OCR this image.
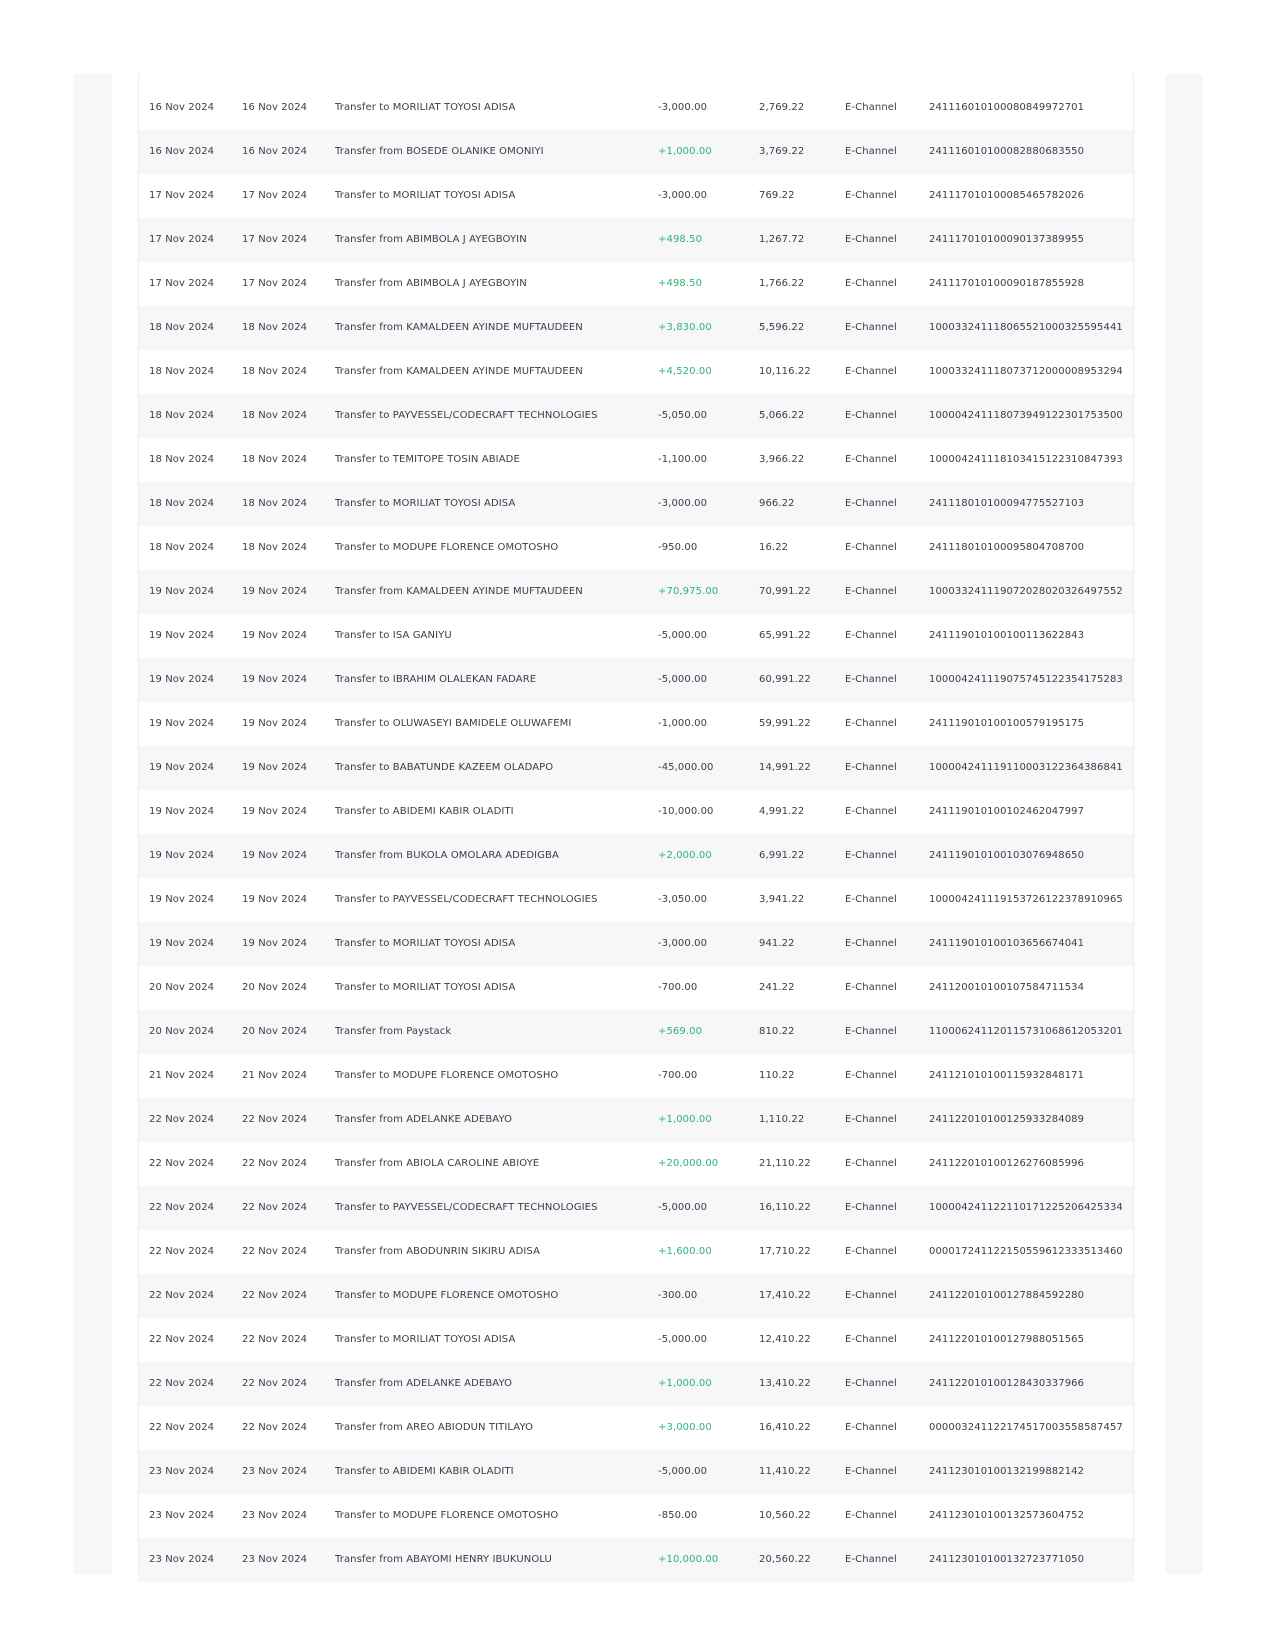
16 Nov 2024	16 Nov 2024	Transfer to MORILIAT TOYOSI ADISA	-3,000.00	2,769.22	E-Channel	241116010100080849972701
16 Nov 2024	16 Nov 2024	Transfer from BOSEDE OLANIKE OMONIYI	+1,000.00	3,769.22	E-Channel	241116010100082880683550
17 Nov 2024	17 Nov 2024	Transfer to MORILIAT TOYOSI ADISA	-3,000.00	769.22	E-Channel	241117010100085465782026
17 Nov 2024	17 Nov 2024	Transfer from ABIMBOLA J AYEGBOYIN	+498.50	1,267.72	E-Channel	241117010100090137389955
17 Nov 2024	17 Nov 2024	Transfer from ABIMBOLA J AYEGBOYIN	+498.50	1,766.22	E-Channel	241117010100090187855928
18 Nov 2024	18 Nov 2024	Transfer from KAMALDEEN AYINDE MUFTAUDEEN	+3,830.00	5,596.22	E-Channel	100033241118065521000325595441
18 Nov 2024	18 Nov 2024	Transfer from KAMALDEEN AYINDE MUFTAUDEEN	+4,520.00	10,116.22	E-Channel	100033241118073712000008953294
18 Nov 2024	18 Nov 2024	Transfer to PAYVESSEL/CODECRAFT TECHNOLOGIES	-5,050.00	5,066.22	E-Channel	100004241118073949122301753500
18 Nov 2024	18 Nov 2024	Transfer to TEMITOPE TOSIN ABIADE	-1,100.00	3,966.22	E-Channel	100004241118103415122310847393
18 Nov 2024	18 Nov 2024	Transfer to MORILIAT TOYOSI ADISA	-3,000.00	966.22	E-Channel	241118010100094775527103
18 Nov 2024	18 Nov 2024	Transfer to MODUPE FLORENCE OMOTOSHO	-950.00	16.22	E-Channel	241118010100095804708700
19 Nov 2024	19 Nov 2024	Transfer from KAMALDEEN AYINDE MUFTAUDEEN	+70,975.00	70,991.22	E-Channel	100033241119072028020326497552
19 Nov 2024	19 Nov 2024	Transfer to ISA GANIYU	-5,000.00	65,991.22	E-Channel	241119010100100113622843
19 Nov 2024	19 Nov 2024	Transfer to IBRAHIM OLALEKAN FADARE	-5,000.00	60,991.22	E-Channel	100004241119075745122354175283
19 Nov 2024	19 Nov 2024	Transfer to OLUWASEYI BAMIDELE OLUWAFEMI	-1,000.00	59,991.22	E-Channel	241119010100100579195175
19 Nov 2024	19 Nov 2024	Transfer to BABATUNDE KAZEEM OLADAPO	-45,000.00	14,991.22	E-Channel	100004241119110003122364386841
19 Nov 2024	19 Nov 2024	Transfer to ABIDEMI KABIR OLADITI	-10,000.00	4,991.22	E-Channel	241119010100102462047997
19 Nov 2024	19 Nov 2024	Transfer from BUKOLA OMOLARA ADEDIGBA	+2,000.00	6,991.22	E-Channel	241119010100103076948650
19 Nov 2024	19 Nov 2024	Transfer to PAYVESSEL/CODECRAFT TECHNOLOGIES	-3,050.00	3,941.22	E-Channel	100004241119153726122378910965
19 Nov 2024	19 Nov 2024	Transfer to MORILIAT TOYOSI ADISA	-3,000.00	941.22	E-Channel	241119010100103656674041
20 Nov 2024	20 Nov 2024	Transfer to MORILIAT TOYOSI ADISA	-700.00	241.22	E-Channel	241120010100107584711534
20 Nov 2024	20 Nov 2024	Transfer from Paystack	+569.00	810.22	E-Channel	110006241120115731068612053201
21 Nov 2024	21 Nov 2024	Transfer to MODUPE FLORENCE OMOTOSHO	-700.00	110.22	E-Channel	241121010100115932848171
22 Nov 2024	22 Nov 2024	Transfer from ADELANKE ADEBAYO	+1,000.00	1,110.22	E-Channel	241122010100125933284089
22 Nov 2024	22 Nov 2024	Transfer from ABIOLA CAROLINE ABIOYE	+20,000.00	21,110.22	E-Channel	241122010100126276085996
22 Nov 2024	22 Nov 2024	Transfer to PAYVESSEL/CODECRAFT TECHNOLOGIES	-5,000.00	16,110.22	E-Channel	100004241122110171225206425334
22 Nov 2024	22 Nov 2024	Transfer from ABODUNRIN SIKIRU ADISA	+1,600.00	17,710.22	E-Channel	000017241122150559612333513460
22 Nov 2024	22 Nov 2024	Transfer to MODUPE FLORENCE OMOTOSHO	-300.00	17,410.22	E-Channel	241122010100127884592280
22 Nov 2024	22 Nov 2024	Transfer to MORILIAT TOYOSI ADISA	-5,000.00	12,410.22	E-Channel	241122010100127988051565
22 Nov 2024	22 Nov 2024	Transfer from ADELANKE ADEBAYO	+1,000.00	13,410.22	E-Channel	241122010100128430337966
22 Nov 2024	22 Nov 2024	Transfer from AREO ABIODUN TITILAYO	+3,000.00	16,410.22	E-Channel	000003241122174517003558587457
23 Nov 2024	23 Nov 2024	Transfer to ABIDEMI KABIR OLADITI	-5,000.00	11,410.22	E-Channel	241123010100132199882142
23 Nov 2024	23 Nov 2024	Transfer to MODUPE FLORENCE OMOTOSHO	-850.00	10,560.22	E-Channel	241123010100132573604752
23 Nov 2024	23 Nov 2024	Transfer from ABAYOMI HENRY IBUKUNOLU	+10,000.00	20,560.22	E-Channel	241123010100132723771050
